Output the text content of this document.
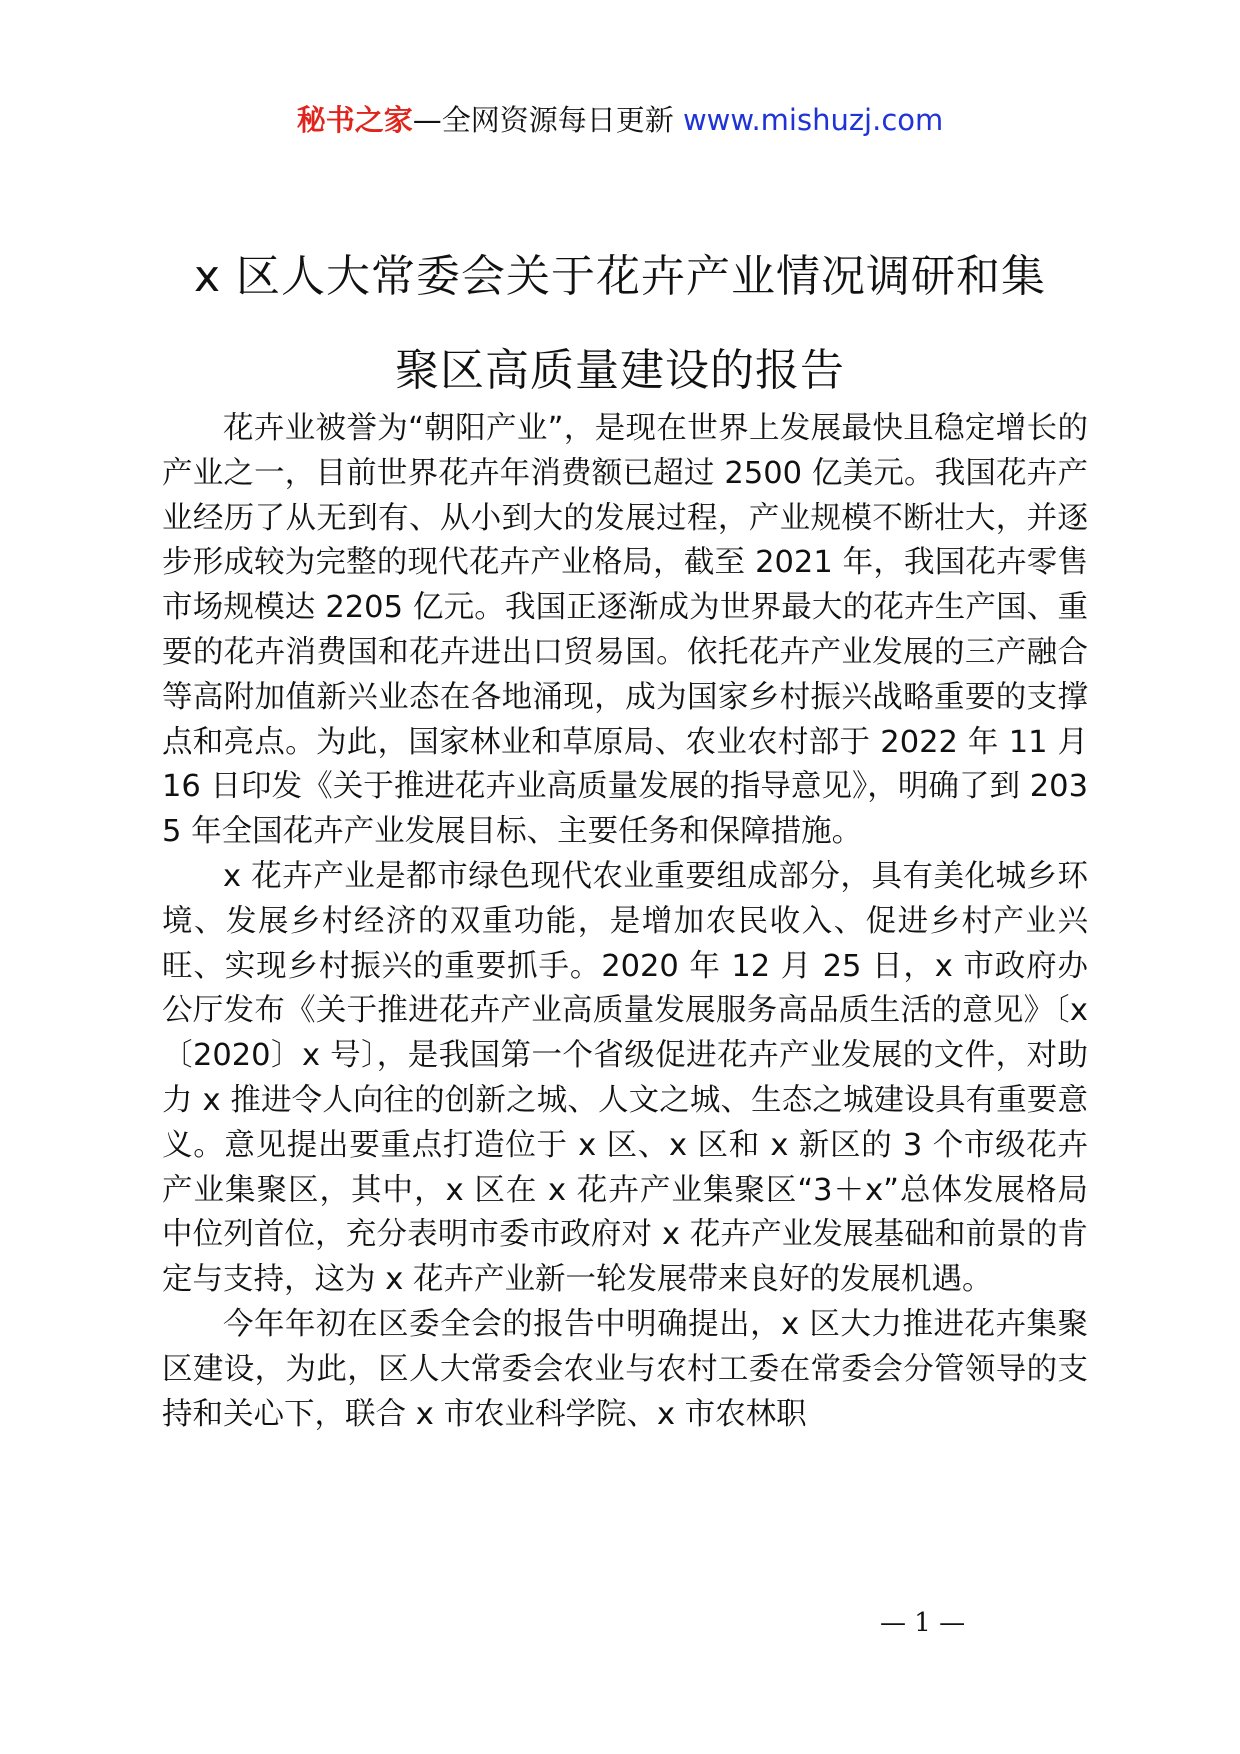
秘书之家—全网资源每日更新 www.mishuzj.com
x 区人大常委会关于花卉产业情况调研和集
聚区高质量建设的报告

花卉业被誉为“朝阳产业”，是现在世界上发展最快且稳定增长的产业之一，目前世界花卉年消费额已超过 2500 亿美元。我国花卉产业经历了从无到有、从小到大的发展过程，产业规模不断壮大，并逐步形成较为完整的现代花卉产业格局，截至 2021 年，我国花卉零售市场规模达 2205 亿元。我国正逐渐成为世界最大的花卉生产国、重要的花卉消费国和花卉进出口贸易国。依托花卉产业发展的三产融合等高附加值新兴业态在各地涌现，成为国家乡村振兴战略重要的支撑点和亮点。为此，国家林业和草原局、农业农村部于 2022 年 11 月 16 日印发《关于推进花卉业高质量发展的指导意见》，明确了到 2035 年全国花卉产业发展目标、主要任务和保障措施。

x 花卉产业是都市绿色现代农业重要组成部分，具有美化城乡环境、发展乡村经济的双重功能，是增加农民收入、促进乡村产业兴旺、实现乡村振兴的重要抓手。2020 年 12 月 25 日，x 市政府办公厅发布《关于推进花卉产业高质量发展服务高品质生活的意见》〔x〔2020〕x 号〕，是我国第一个省级促进花卉产业发展的文件，对助力 x 推进令人向往的创新之城、人文之城、生态之城建设具有重要意义。意见提出要重点打造位于 x 区、x 区和 x 新区的 3 个市级花卉产业集聚区，其中，x 区在 x 花卉产业集聚区“3＋x”总体发展格局中位列首位，充分表明市委市政府对 x 花卉产业发展基础和前景的肯定与支持，这为 x 花卉产业新一轮发展带来良好的发展机遇。

今年年初在区委全会的报告中明确提出，x 区大力推进花卉集聚区建设，为此，区人大常委会农业与农村工委在常委会分管领导的支持和关心下，联合 x 市农业科学院、x 市农林职

— 1 —
